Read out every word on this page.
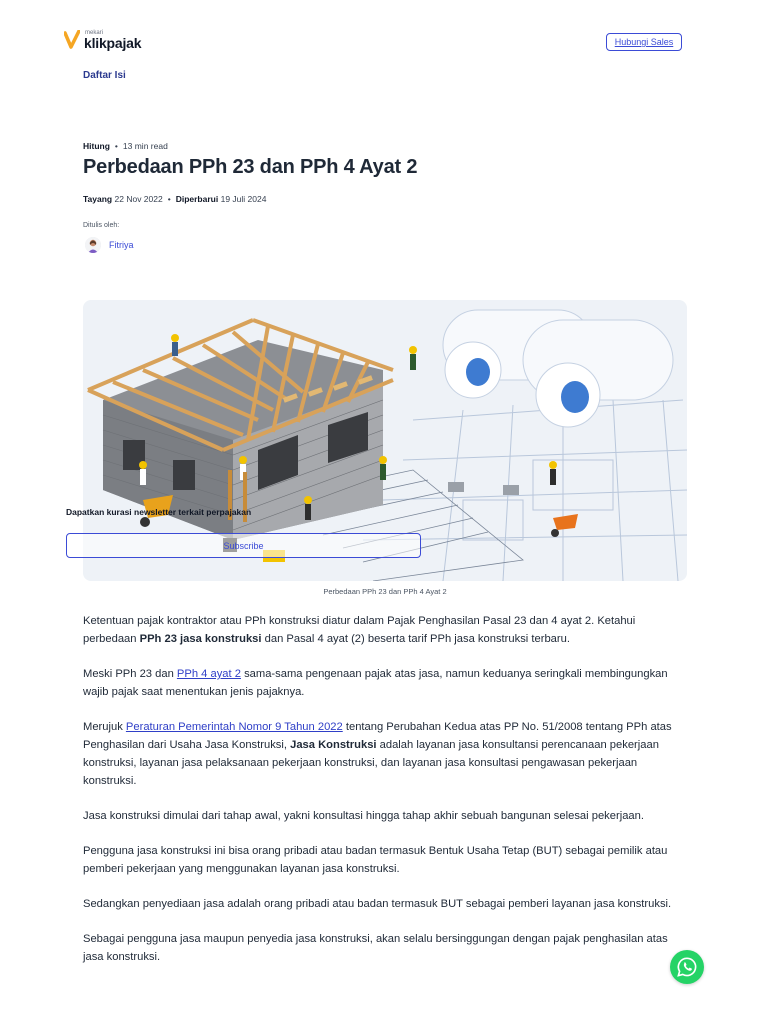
mekari
klikpajak	Hubungi Sales
Daftar Isi
Hitung • 13 min read
Perbedaan PPh 23 dan PPh 4 Ayat 2
Tayang 22 Nov 2022 • Diperbarui 19 Juli 2024
Ditulis oleh:
Fitriya
Dapatkan kurasi newsletter terkait perpajakan
Subscribe
Perbedaan PPh 23 dan PPh 4 Ayat 2

Ketentuan pajak kontraktor atau PPh konstruksi diatur dalam Pajak Penghasilan Pasal 23 dan 4 ayat 2. Ketahui perbedaan PPh 23 jasa konstruksi dan Pasal 4 ayat (2) beserta tarif PPh jasa konstruksi terbaru.

Meski PPh 23 dan PPh 4 ayat 2 sama-sama pengenaan pajak atas jasa, namun keduanya seringkali membingungkan wajib pajak saat menentukan jenis pajaknya.

Merujuk Peraturan Pemerintah Nomor 9 Tahun 2022 tentang Perubahan Kedua atas PP No. 51/2008 tentang PPh atas Penghasilan dari Usaha Jasa Konstruksi, Jasa Konstruksi adalah layanan jasa konsultansi perencanaan pekerjaan konstruksi, layanan jasa pelaksanaan pekerjaan konstruksi, dan layanan jasa konsultasi pengawasan pekerjaan konstruksi.

Jasa konstruksi dimulai dari tahap awal, yakni konsultasi hingga tahap akhir sebuah bangunan selesai pekerjaan.

Pengguna jasa konstruksi ini bisa orang pribadi atau badan termasuk Bentuk Usaha Tetap (BUT) sebagai pemilik atau pemberi pekerjaan yang menggunakan layanan jasa konstruksi.

Sedangkan penyediaan jasa adalah orang pribadi atau badan termasuk BUT sebagai pemberi layanan jasa konstruksi.

Sebagai pengguna jasa maupun penyedia jasa konstruksi, akan selalu bersinggungan dengan pajak penghasilan atas jasa konstruksi.
